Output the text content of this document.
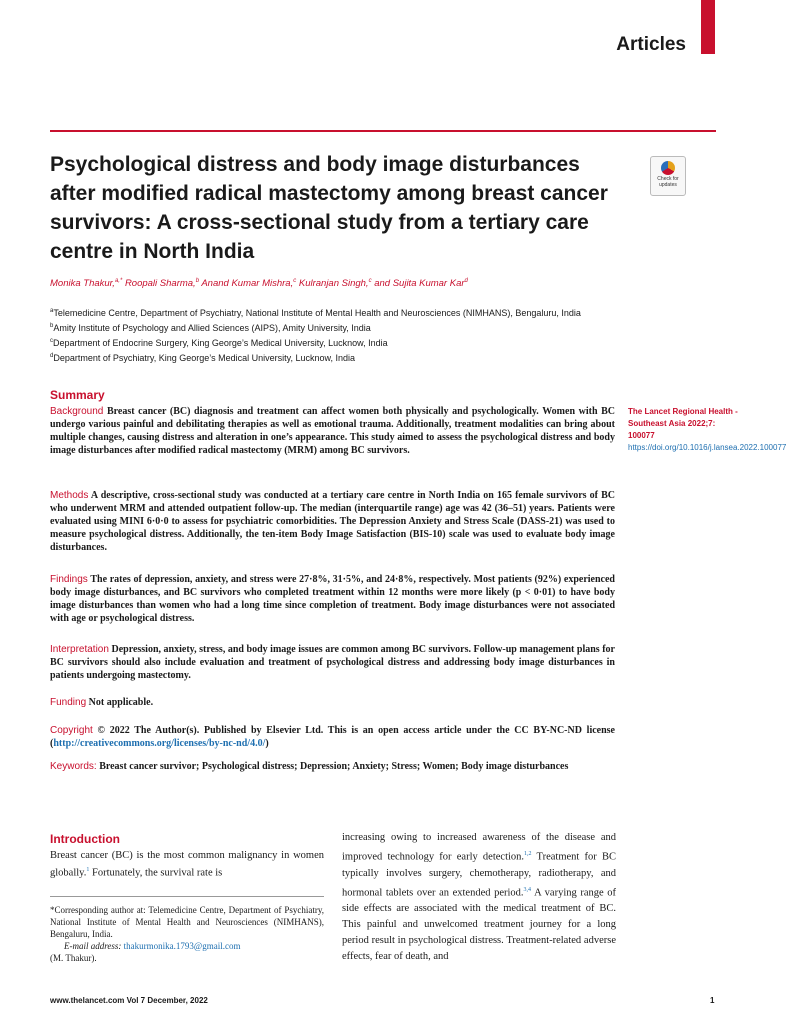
Articles
Psychological distress and body image disturbances after modified radical mastectomy among breast cancer survivors: A cross-sectional study from a tertiary care centre in North India
Check for updates
Monika Thakur,$^{a,*}$ Roopali Sharma,$^b$ Anand Kumar Mishra,$^c$ Kulranjan Singh,$^c$ and Sujita Kumar Kar$^d$
$^a$Telemedicine Centre, Department of Psychiatry, National Institute of Mental Health and Neurosciences (NIMHANS), Bengaluru, India
$^b$Amity Institute of Psychology and Allied Sciences (AIPS), Amity University, India
$^c$Department of Endocrine Surgery, King George’s Medical University, Lucknow, India
$^d$Department of Psychiatry, King George’s Medical University, Lucknow, India
Summary

Background Breast cancer (BC) diagnosis and treatment can affect women both physically and psychologically. Women with BC undergo various painful and debilitating therapies as well as emotional trauma. Additionally, treatment modalities can bring about multiple changes, causing distress and alteration in one’s appearance. This study aimed to assess the psychological distress and body image disturbances after modified radical mastectomy (MRM) among BC survivors.

Methods A descriptive, cross-sectional study was conducted at a tertiary care centre in North India on 165 female survivors of BC who underwent MRM and attended outpatient follow-up. The median (interquartile range) age was 42 (36–51) years. Patients were evaluated using MINI 6·0·0 to assess for psychiatric comorbidities. The Depression Anxiety and Stress Scale (DASS-21) was used to measure psychological distress. Additionally, the ten-item Body Image Satisfaction (BIS-10) scale was used to evaluate body image disturbances.

Findings The rates of depression, anxiety, and stress were 27·8%, 31·5%, and 24·8%, respectively. Most patients (92%) experienced body image disturbances, and BC survivors who completed treatment within 12 months were more likely (p < 0·01) to have body image disturbances than women who had a long time since completion of treatment. Body image disturbances were not associated with age or psychological distress.

Interpretation Depression, anxiety, stress, and body image issues are common among BC survivors. Follow-up management plans for BC survivors should also include evaluation and treatment of psychological distress and addressing body image disturbances in patients undergoing mastectomy.

Funding Not applicable.

Copyright © 2022 The Author(s). Published by Elsevier Ltd. This is an open access article under the CC BY-NC-ND license (http://creativecommons.org/licenses/by-nc-nd/4.0/)

Keywords: Breast cancer survivor; Psychological distress; Depression; Anxiety; Stress; Women; Body image disturbances

The Lancet Regional Health - Southeast Asia 2022;7: 100077
https://doi.org/10.1016/j.lansea.2022.100077
Introduction

Breast cancer (BC) is the most common malignancy in women globally.$^1$ Fortunately, the survival rate is

increasing owing to increased awareness of the disease and improved technology for early detection.$^{1,2}$ Treatment for BC typically involves surgery, chemotherapy, radiotherapy, and hormonal tablets over an extended period.$^{3,4}$ A varying range of side effects are associated with the medical treatment of BC. This painful and unwelcomed treatment journey for a long period result in psychological distress. Treatment-related adverse effects, fear of death, and

*Corresponding author at: Telemedicine Centre, Department of Psychiatry, National Institute of Mental Health and Neurosciences (NIMHANS), Bengaluru, India.
E-mail address: thakurmonika.1793@gmail.com
(M. Thakur).
www.thelancet.com Vol 7 December, 2022	1
